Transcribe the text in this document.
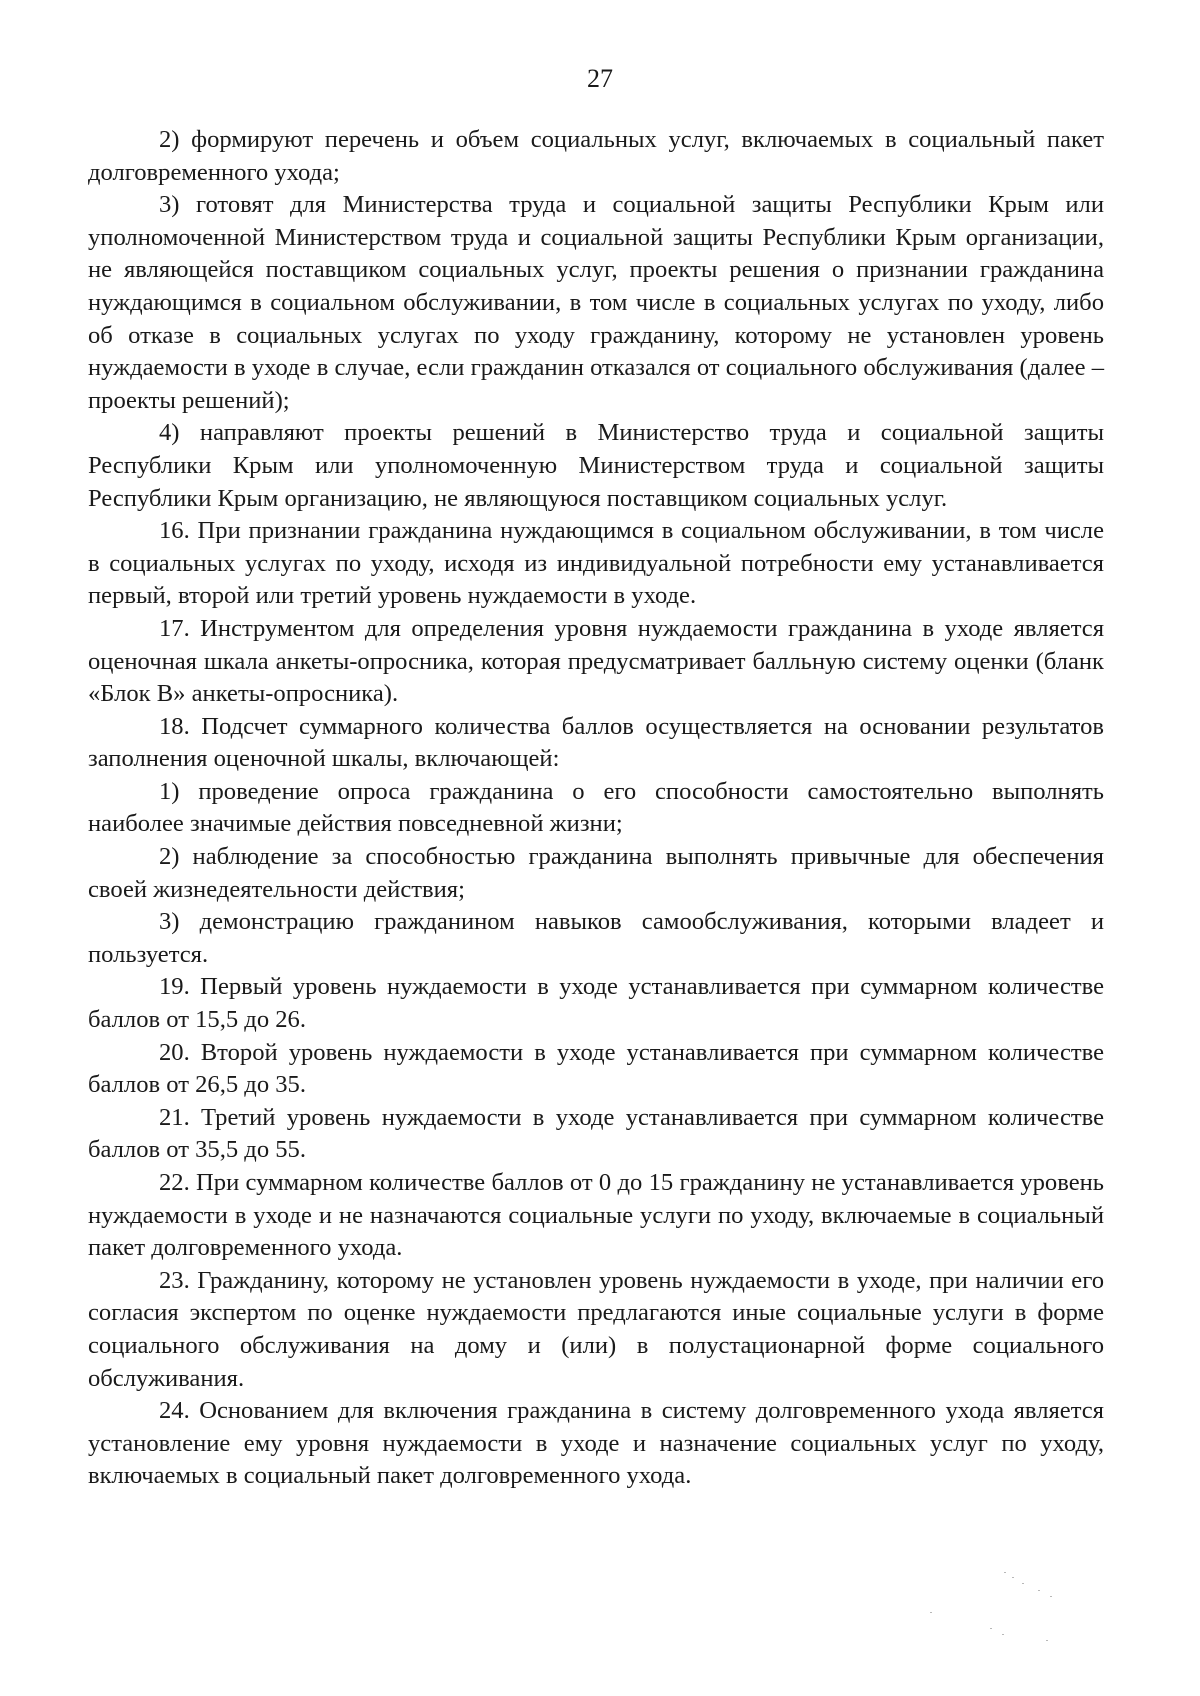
27

2) формируют перечень и объем социальных услуг, включаемых в социальный пакет долговременного ухода;

3) готовят для Министерства труда и социальной защиты Республики Крым или уполномоченной Министерством труда и социальной защиты Республики Крым организации, не являющейся поставщиком социальных услуг, проекты решения о признании гражданина нуждающимся в социальном обслуживании, в том числе в социальных услугах по уходу, либо об отказе в социальных услугах по уходу гражданину, которому не установлен уровень нуждаемости в уходе в случае, если гражданин отказался от социального обслуживания (далее – проекты решений);

4) направляют проекты решений в Министерство труда и социальной защиты Республики Крым или уполномоченную Министерством труда и социальной защиты Республики Крым организацию, не являющуюся поставщиком социальных услуг.

16. При признании гражданина нуждающимся в социальном обслуживании, в том числе в социальных услугах по уходу, исходя из индивидуальной потребности ему устанавливается первый, второй или третий уровень нуждаемости в уходе.

17. Инструментом для определения уровня нуждаемости гражданина в уходе является оценочная шкала анкеты-опросника, которая предусматривает балльную систему оценки (бланк «Блок В» анкеты-опросника).

18. Подсчет суммарного количества баллов осуществляется на основании результатов заполнения оценочной шкалы, включающей:

1) проведение опроса гражданина о его способности самостоятельно выполнять наиболее значимые действия повседневной жизни;

2) наблюдение за способностью гражданина выполнять привычные для обеспечения своей жизнедеятельности действия;

3) демонстрацию гражданином навыков самообслуживания, которыми владеет и пользуется.

19. Первый уровень нуждаемости в уходе устанавливается при суммарном количестве баллов от 15,5 до 26.

20. Второй уровень нуждаемости в уходе устанавливается при суммарном количестве баллов от 26,5 до 35.

21. Третий уровень нуждаемости в уходе устанавливается при суммарном количестве баллов от 35,5 до 55.

22. При суммарном количестве баллов от 0 до 15 гражданину не устанавливается уровень нуждаемости в уходе и не назначаются социальные услуги по уходу, включаемые в социальный пакет долговременного ухода.

23. Гражданину, которому не установлен уровень нуждаемости в уходе, при наличии его согласия экспертом по оценке нуждаемости предлагаются иные социальные услуги в форме социального обслуживания на дому и (или) в полустационарной форме социального обслуживания.

24. Основанием для включения гражданина в систему долговременного ухода является установление ему уровня нуждаемости в уходе и назначение социальных услуг по уходу, включаемых в социальный пакет долговременного ухода.
